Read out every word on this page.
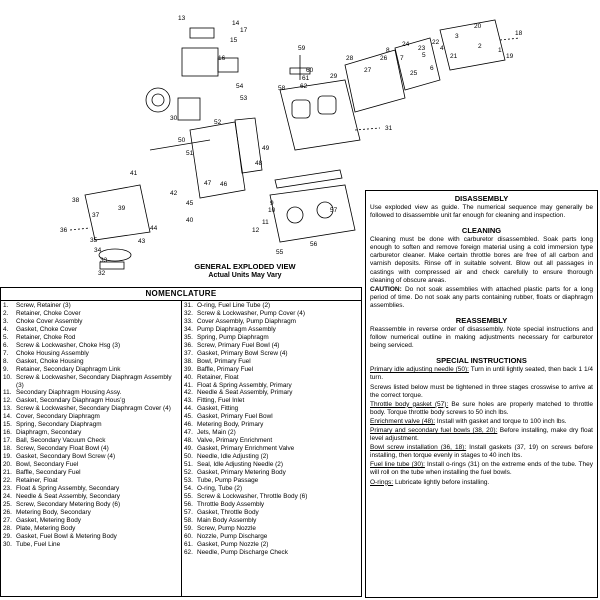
1
2
3
4
5
6
7
8
9
10
11
12
13
14
15
16
17	18
19
20
21
22
23
24
25
26
27
28
29
30
31
32
33
34
35
36
37
38
39
40
41
42
43
44
45
46
47
48
49
50
51
52
53
54
55
56
57
58
59
60
61
62
GENERAL EXPLODED VIEW
Actual Units May Vary
NOMENCLATURE
1.	Screw, Retainer (3)
2.	Retainer, Choke Cover
3.	Choke Cover Assembly
4.	Gasket, Choke Cover
5.	Retainer, Choke Rod
6.	Screw & Lockwasher, Choke Hsg (3)
7.	Choke Housing Assembly
8.	Gasket, Choke Housing
9.	Retainer, Secondary Diaphragm Link
10. Screw & Lockwasher, Secondary Diaphragm Assembly (3)
11. Secondary Diaphragm Housing Assy.
12. Gasket, Secondary Diaphragm Housʼg
13. Screw & Lockwasher, Secondary Diaphragm Cover (4)
14. Cover, Secondary Diaphragm
15. Spring, Secondary Diaphragm
16. Diaphragm, Secondary
17. Ball, Secondary Vacuum Check
18. Screw, Secondary Float Bowl (4)
19. Gasket, Secondary Bowl Screw (4)
20. Bowl, Secondary Fuel
21. Baffle, Secondary Fuel
22. Retainer, Float
23. Float & Spring Assembly, Secondary
24. Needle & Seat Assembly, Secondary
25. Screw, Secondary Metering Body (6)
26. Metering Body, Secondary
27. Gasket, Metering Body
28. Plate, Metering Body
29. Gasket, Fuel Bowl & Metering Body
30. Tube, Fuel Line
31. O-ring, Fuel Line Tube (2)
32. Screw & Lockwasher, Pump Cover (4)
33. Cover Assembly, Pump Diaphragm
34. Pump Diaphragm Assembly
35. Spring, Pump Diaphragm
36. Screw, Primary Fuel Bowl (4)
37. Gasket, Primary Bowl Screw (4)
38. Bowl, Primary Fuel
39. Baffle, Primary Fuel
40. Retainer, Float
41. Float & Spring Assembly, Primary
42. Needle & Seat Assembly, Primary
43. Fitting, Fuel Inlet
44. Gasket, Fitting
45. Gasket, Primary Fuel Bowl
46. Metering Body, Primary
47. Jets, Main (2)
48. Valve, Primary Enrichment
49. Gasket, Primary Enrichment Valve
50. Needle, Idle Adjusting (2)
51. Seal, Idle Adjusting Needle (2)
52. Gasket, Primary Metering Body
53. Tube, Pump Passage
54. O-ring, Tube (2)
55. Screw & Lockwasher, Throttle Body (6)
56. Throttle Body Assembly
57. Gasket, Throttle Body
58. Main Body Assembly
59. Screw, Pump Nozzle
60. Nozzle, Pump Discharge
61. Gasket, Pump Nozzle (2)
62. Needle, Pump Discharge Check
DISASSEMBLY

Use exploded view as guide. The numerical sequence may generally be followed to disassemble unit far enough for cleaning and inspection.

CLEANING

Cleaning must be done with carburetor disassembled. Soak parts long enough to soften and remove foreign material using a cold immersion type carburetor cleaner. Make certain throttle bores are free of all carbon and varnish deposits. Rinse off in suitable solvent. Blow out all passages in castings with compressed air and check carefully to ensure thorough cleaning of obscure areas.

CAUTION: Do not soak assemblies with attached plastic parts for a long period of time. Do not soak any parts containing rubber, floats or diaphragm assemblies.

REASSEMBLY

Reassemble in reverse order of disassembly. Note special instructions and follow numerical outline in making adjustments necessary for carburetor being serviced.

SPECIAL INSTRUCTIONS

Primary idle adjusting needle (50): Turn in until lightly seated, then back 1 1/4 turn.

Screws listed below must be tightened in three stages crosswise to arrive at the correct torque.

Throttle body gasket (57): Be sure holes are properly matched to throttle body. Torque throttle body screws to 50 inch lbs.

Enrichment valve (48): Install with gasket and torque to 100 inch lbs.

Primary and secondary fuel bowls (38, 20): Before installing, make dry float level adjustment.

Bowl screw installation (36, 18): Install gaskets (37, 19) on screws before installing, then torque evenly in stages to 40 inch lbs.

Fuel line tube (30): Install o-rings (31) on the extreme ends of the tube. They will roll on the tube when installing the fuel bowls.

O-rings: Lubricate lightly before installing.
